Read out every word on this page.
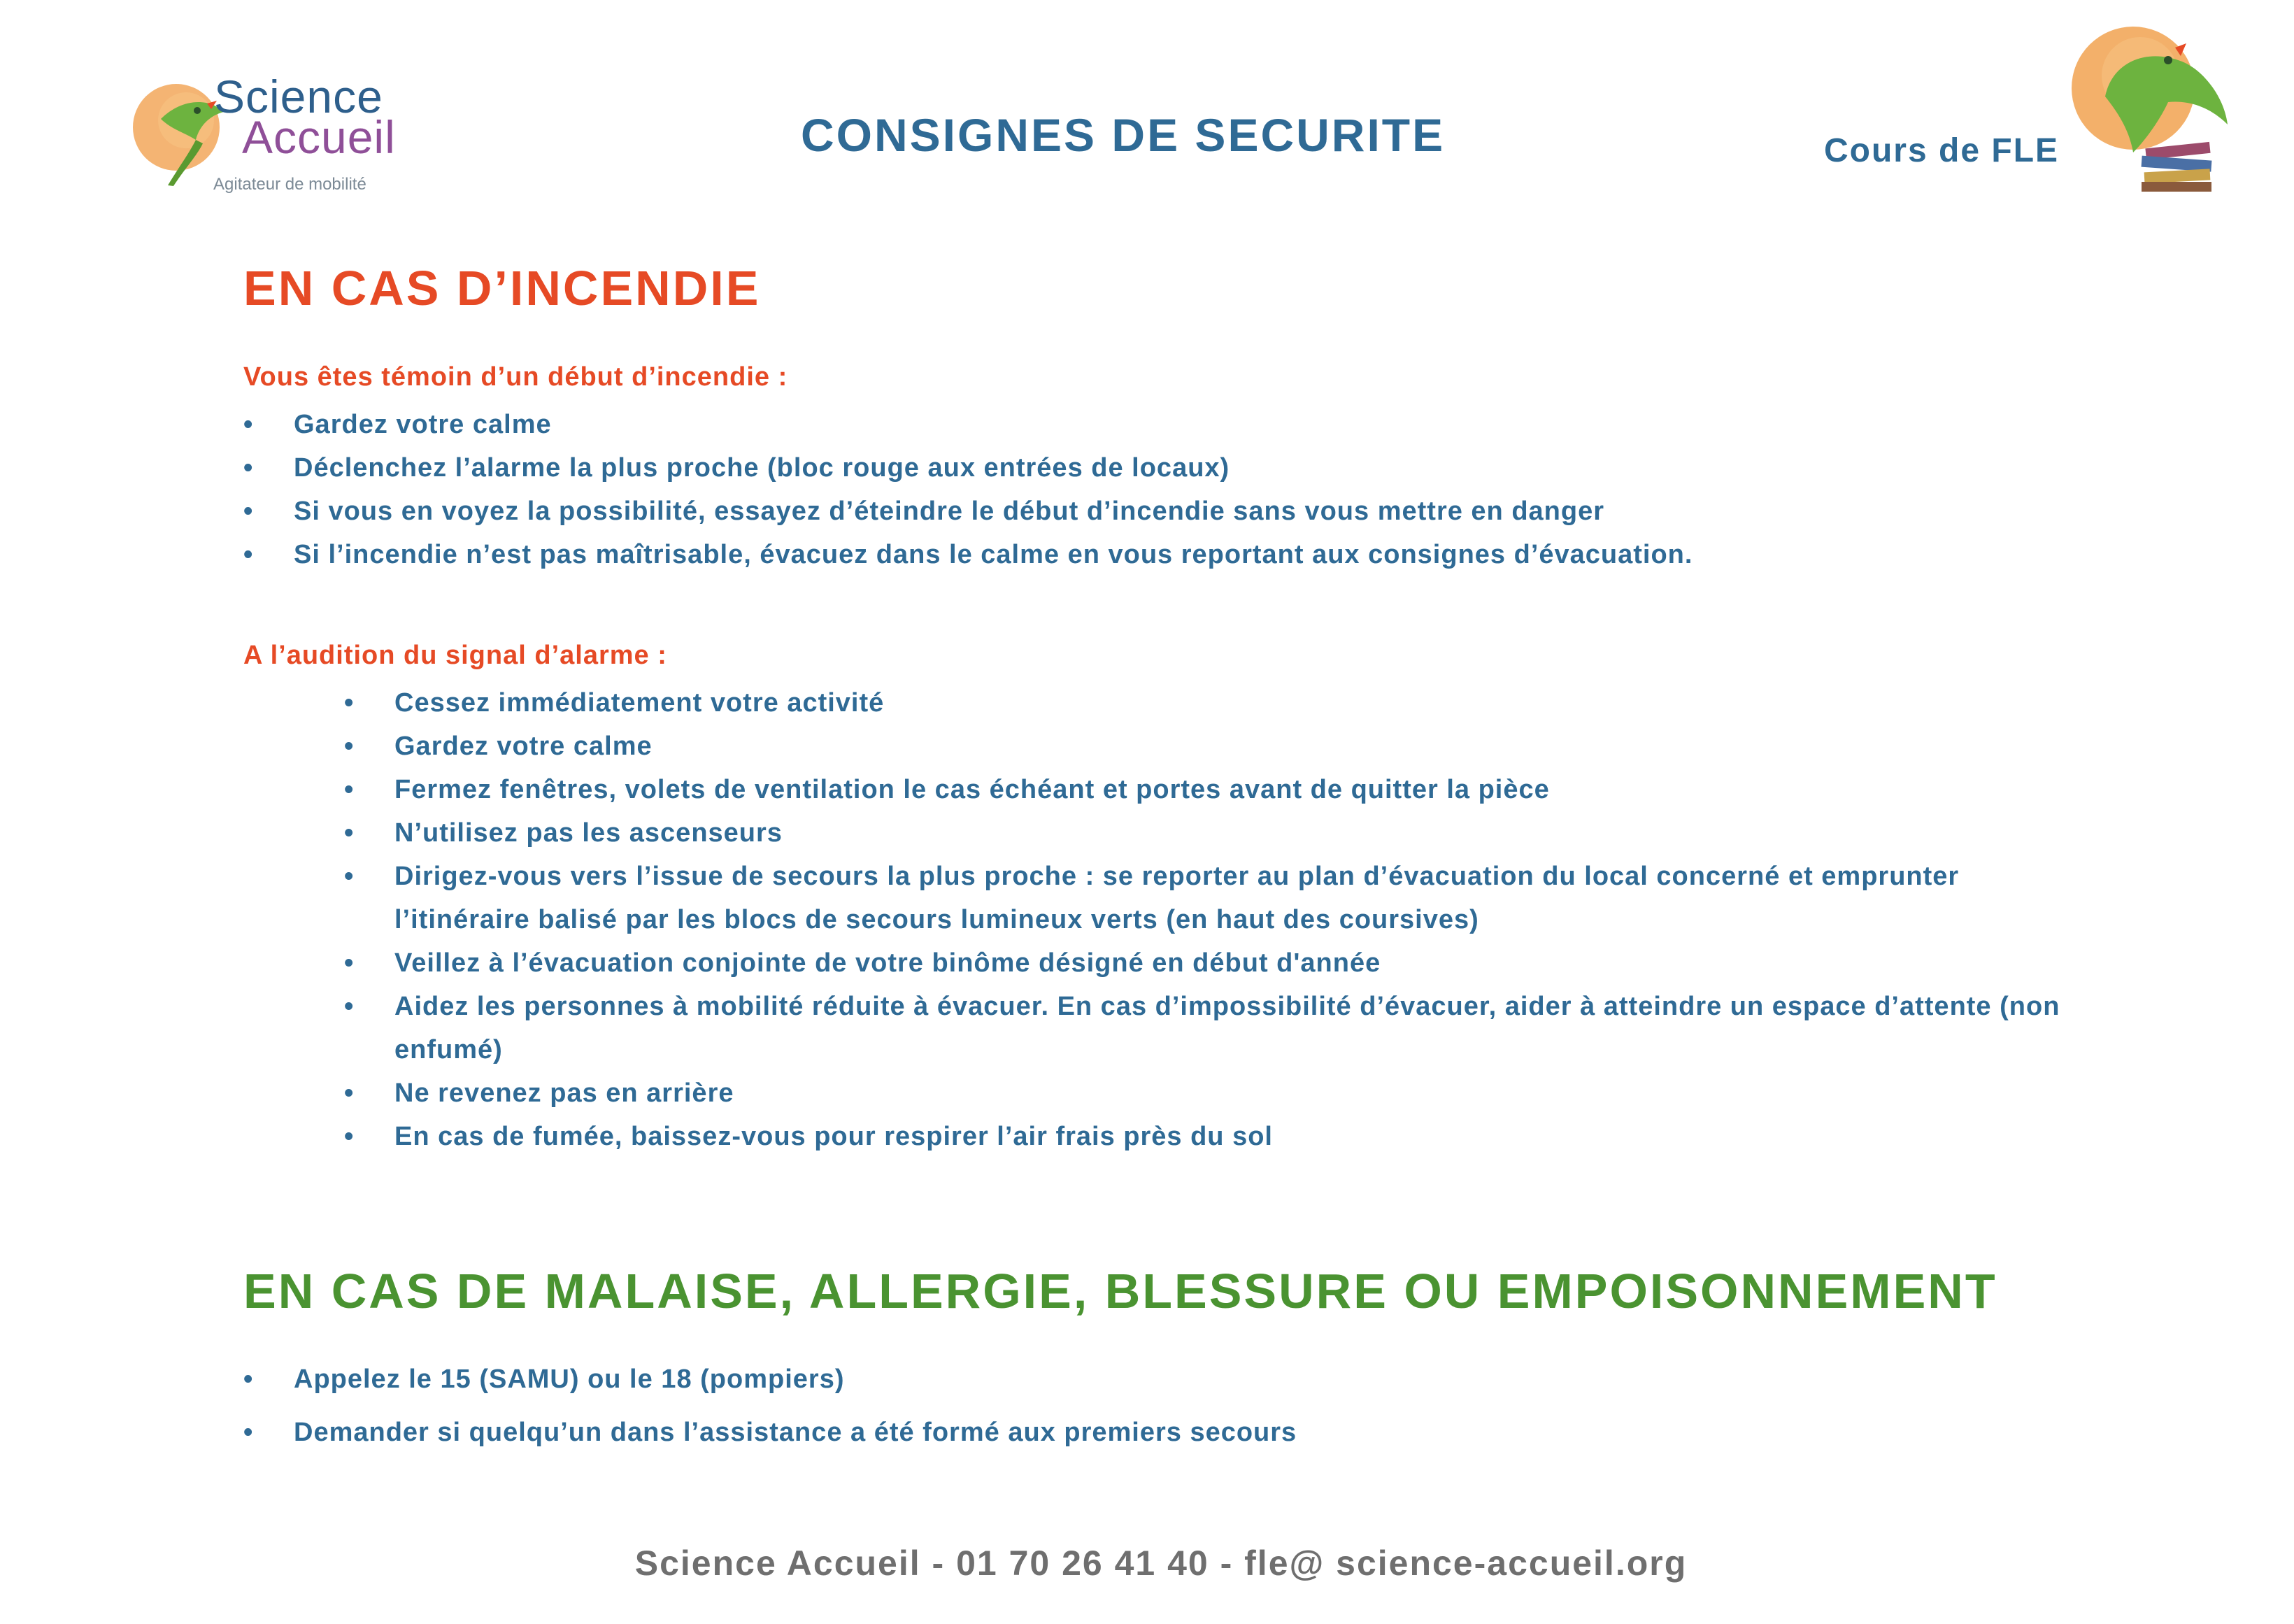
Science
Accueil
Agitateur de mobilité
CONSIGNES DE SECURITE	Cours de FLE
EN CAS D’INCENDIE
Vous êtes témoin d’un début d’incendie :
• Gardez votre calme
• Déclenchez l’alarme la plus proche (bloc rouge aux entrées de locaux)
• Si vous en voyez la possibilité, essayez d’éteindre le début d’incendie sans vous mettre en danger
• Si l’incendie n’est pas maîtrisable, évacuez dans le calme en vous reportant aux consignes d’évacuation.
A l’audition du signal d’alarme :
• Cessez immédiatement votre activité
• Gardez votre calme
• Fermez fenêtres, volets de ventilation le cas échéant et portes avant de quitter la pièce
• N’utilisez pas les ascenseurs
• Dirigez-vous vers l’issue de secours la plus proche : se reporter au plan d’évacuation du local concerné et emprunter l’itinéraire balisé par les blocs de secours lumineux verts (en haut des coursives)
• Veillez à l’évacuation conjointe de votre binôme désigné en début d'année
• Aidez les personnes à mobilité réduite à évacuer. En cas d’impossibilité d’évacuer, aider à atteindre un espace d’attente (non enfumé)
• Ne revenez pas en arrière
• En cas de fumée, baissez-vous pour respirer l’air frais près du sol
EN CAS DE MALAISE, ALLERGIE, BLESSURE OU EMPOISONNEMENT
• Appelez le 15 (SAMU) ou le 18 (pompiers)
• Demander si quelqu’un dans l’assistance a été formé aux premiers secours
Science Accueil - 01 70 26 41 40 - fle@ science-accueil.org
